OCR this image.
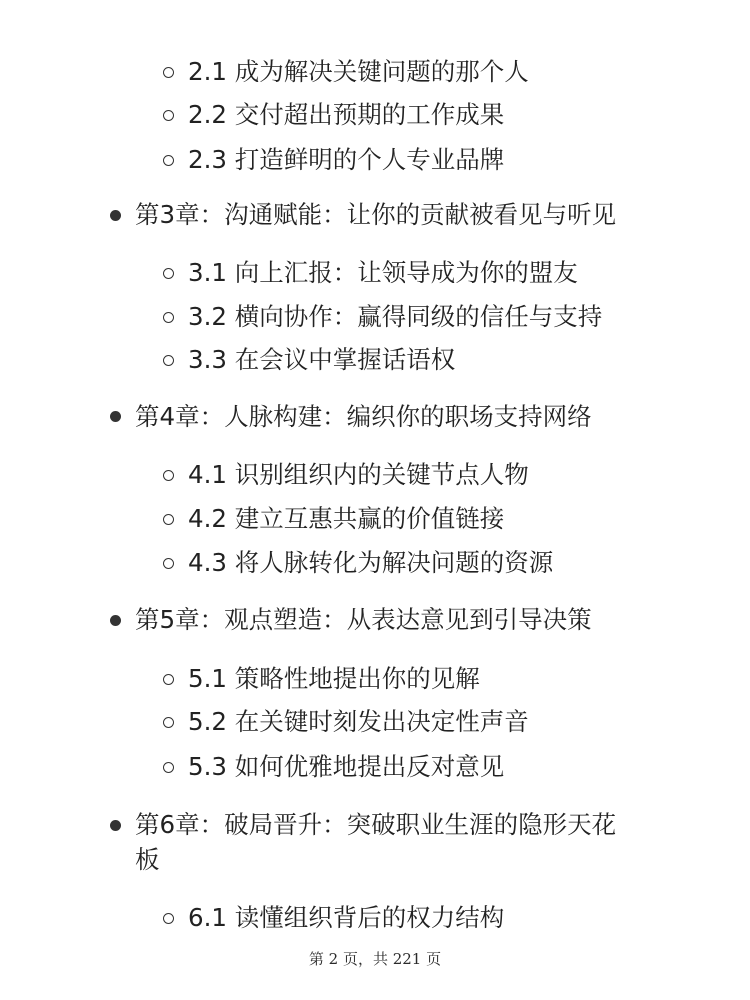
2.1 成为解决关键问题的那个人
2.2 交付超出预期的工作成果
2.3 打造鲜明的个人专业品牌
第3章：沟通赋能：让你的贡献被看见与听见
3.1 向上汇报：让领导成为你的盟友
3.2 横向协作：赢得同级的信任与支持
3.3 在会议中掌握话语权
第4章：人脉构建：编织你的职场支持网络
4.1 识别组织内的关键节点人物
4.2 建立互惠共赢的价值链接
4.3 将人脉转化为解决问题的资源
第5章：观点塑造：从表达意见到引导决策
5.1 策略性地提出你的见解
5.2 在关键时刻发出决定性声音
5.3 如何优雅地提出反对意见
第6章：破局晋升：突破职业生涯的隐形天花
板
6.1 读懂组织背后的权力结构
第 2 页，共 221 页
